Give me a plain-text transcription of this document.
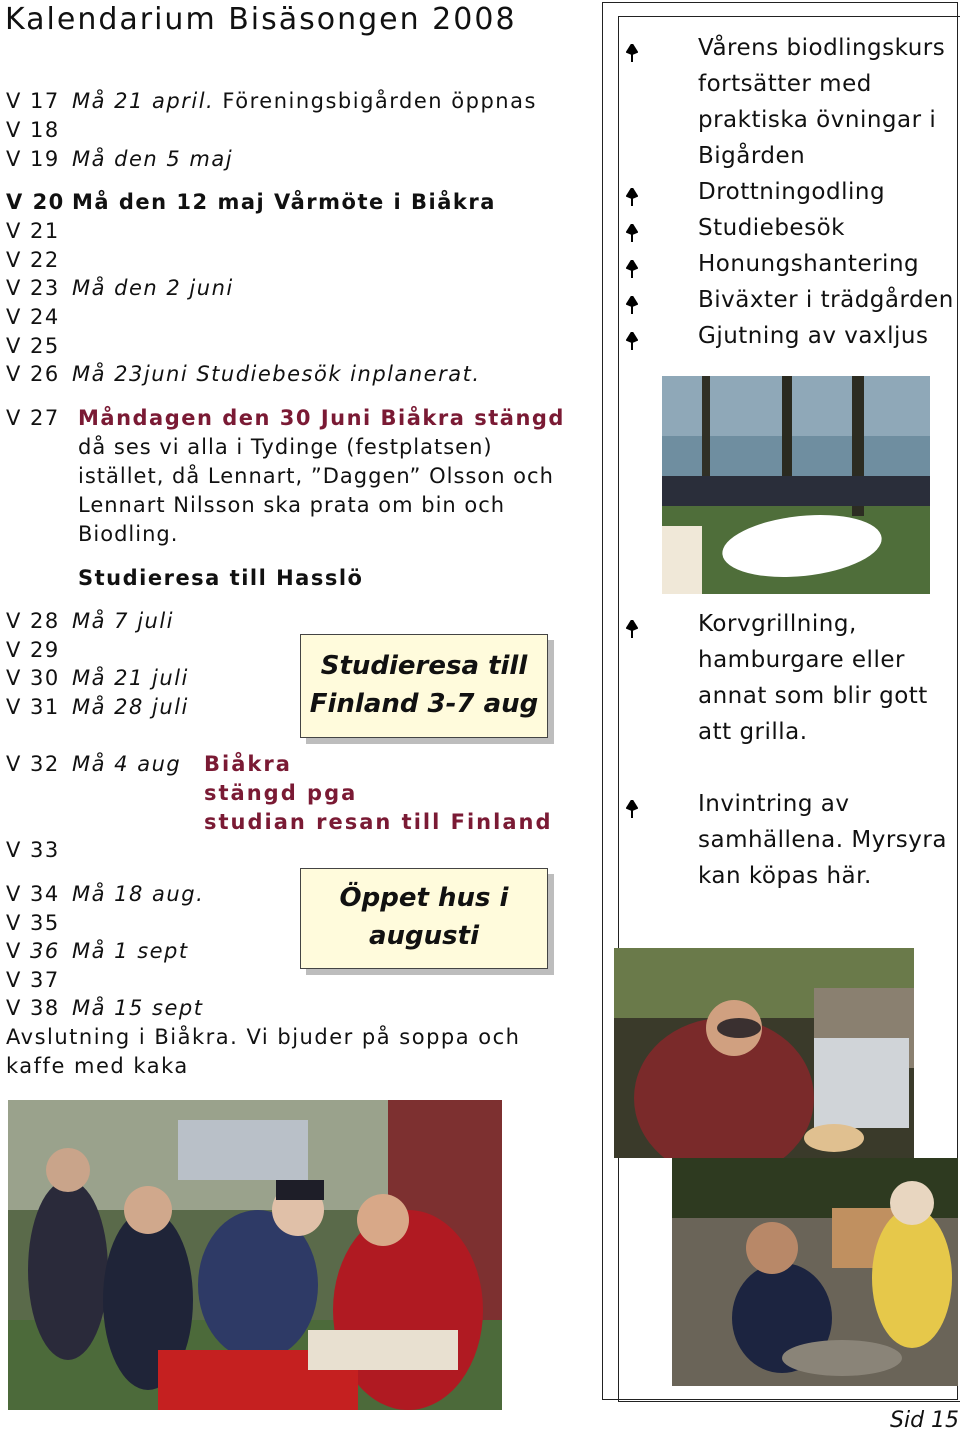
Kalendarium Bisäsongen 2008
V 17 Må 21 april. Föreningsbigården öppnas
V 18
V 19 Må den 5 maj
V 20 Må den 12 maj Vårmöte i Biåkra
V 21
V 22
V 23 Må den 2 juni
V 24
V 25
V 26 Må 23juni Studiebesök inplanerat.
V 27 Måndagen den 30 Juni Biåkra stängd
då ses vi alla i Tydinge (festplatsen)
istället, då Lennart, ”Daggen” Olsson och
Lennart Nilsson ska prata om bin och
Biodling.
Studieresa till Hasslö
V 28 Må 7 juli
V 29
V 30 Må 21 juli
V 31 Må 28 juli
Studieresa till
Finland 3-7 aug
V 32 Må 4 aug Biåkra
stängd pga
studian resan till Finland
V 33
V 34 Må 18 aug.
V 35
V 36 Må 1 sept
V 37
V 38 Må 15 sept
Öppet hus i
augusti
Avslutning i Biåkra. Vi bjuder på soppa och
kaffe med kaka
Vårens biodlingskurs
fortsätter med
praktiska övningar i
Bigården
Drottningodling
Studiebesök
Honungshantering
Biväxter i trädgården
Gjutning av vaxljus
Korvgrillning,
hamburgare eller
annat som blir gott
att grilla.
Invintring av
samhällena. Myrsyra
kan köpas här.
Sid 15
